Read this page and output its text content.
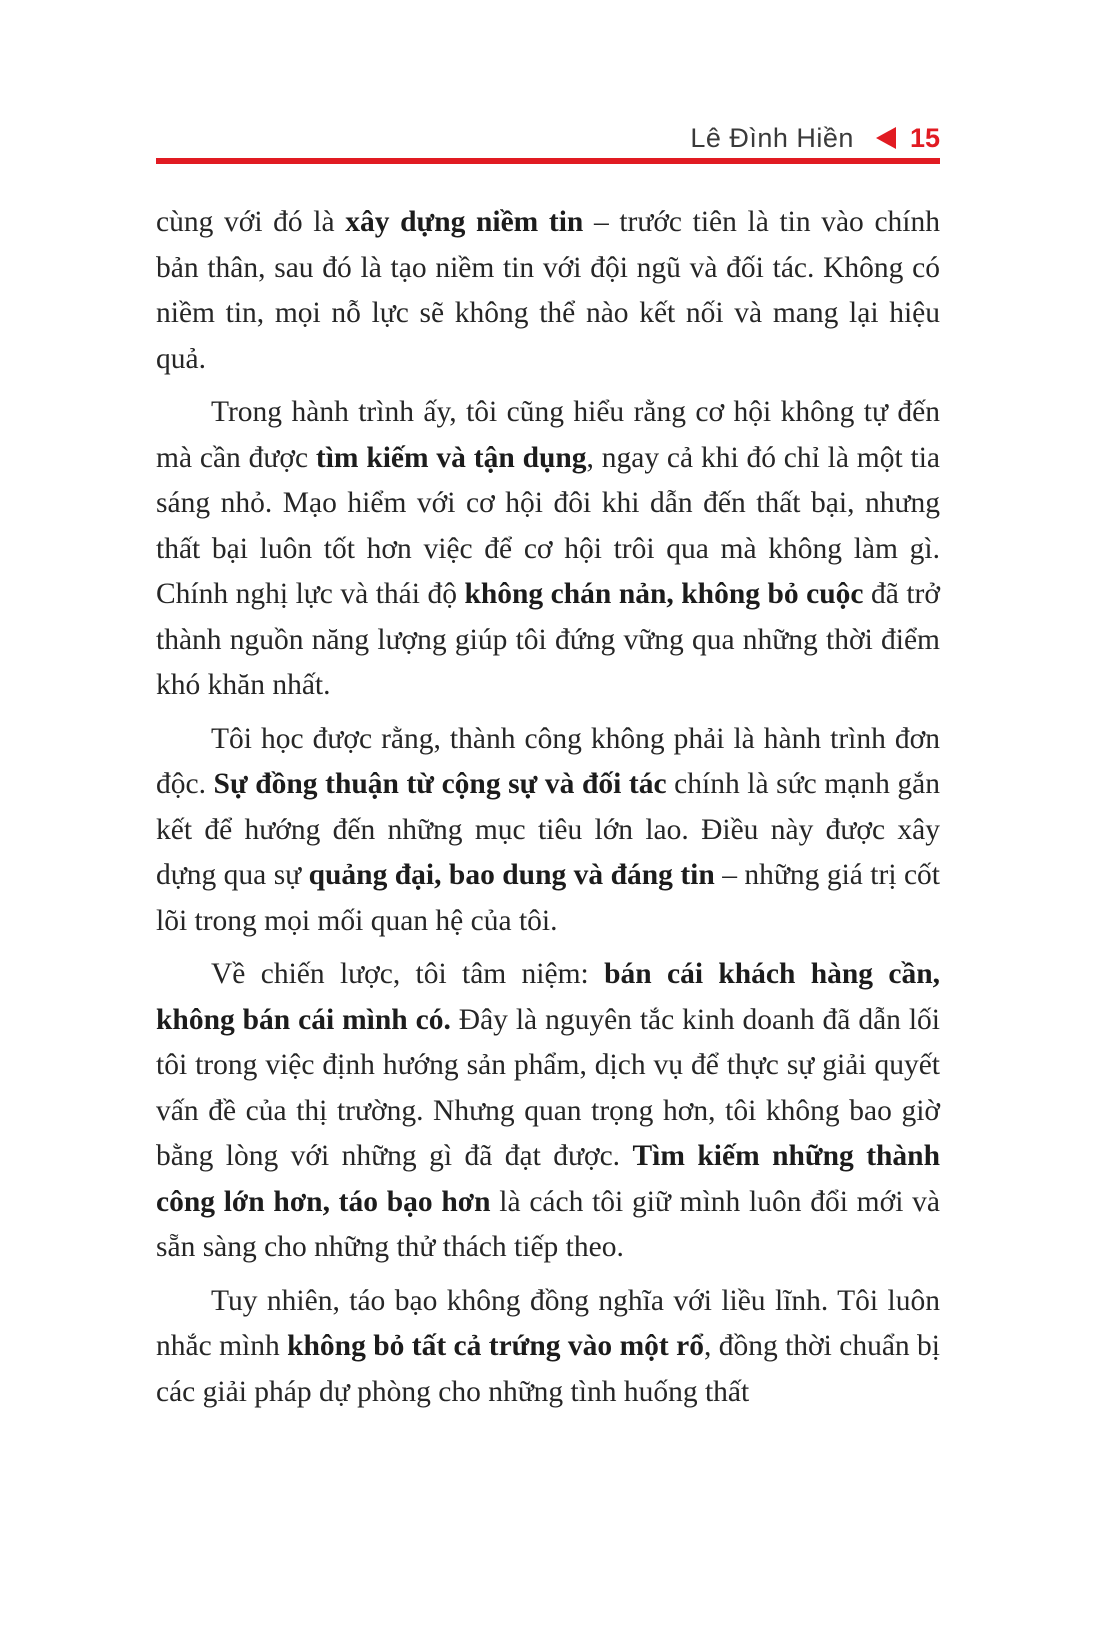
Lê Đình Hiền 15

cùng với đó là xây dựng niềm tin – trước tiên là tin vào chính bản thân, sau đó là tạo niềm tin với đội ngũ và đối tác. Không có niềm tin, mọi nỗ lực sẽ không thể nào kết nối và mang lại hiệu quả.

Trong hành trình ấy, tôi cũng hiểu rằng cơ hội không tự đến mà cần được tìm kiếm và tận dụng, ngay cả khi đó chỉ là một tia sáng nhỏ. Mạo hiểm với cơ hội đôi khi dẫn đến thất bại, nhưng thất bại luôn tốt hơn việc để cơ hội trôi qua mà không làm gì. Chính nghị lực và thái độ không chán nản, không bỏ cuộc đã trở thành nguồn năng lượng giúp tôi đứng vững qua những thời điểm khó khăn nhất.

Tôi học được rằng, thành công không phải là hành trình đơn độc. Sự đồng thuận từ cộng sự và đối tác chính là sức mạnh gắn kết để hướng đến những mục tiêu lớn lao. Điều này được xây dựng qua sự quảng đại, bao dung và đáng tin – những giá trị cốt lõi trong mọi mối quan hệ của tôi.

Về chiến lược, tôi tâm niệm: bán cái khách hàng cần, không bán cái mình có. Đây là nguyên tắc kinh doanh đã dẫn lối tôi trong việc định hướng sản phẩm, dịch vụ để thực sự giải quyết vấn đề của thị trường. Nhưng quan trọng hơn, tôi không bao giờ bằng lòng với những gì đã đạt được. Tìm kiếm những thành công lớn hơn, táo bạo hơn là cách tôi giữ mình luôn đổi mới và sẵn sàng cho những thử thách tiếp theo.

Tuy nhiên, táo bạo không đồng nghĩa với liều lĩnh. Tôi luôn nhắc mình không bỏ tất cả trứng vào một rổ, đồng thời chuẩn bị các giải pháp dự phòng cho những tình huống thất
